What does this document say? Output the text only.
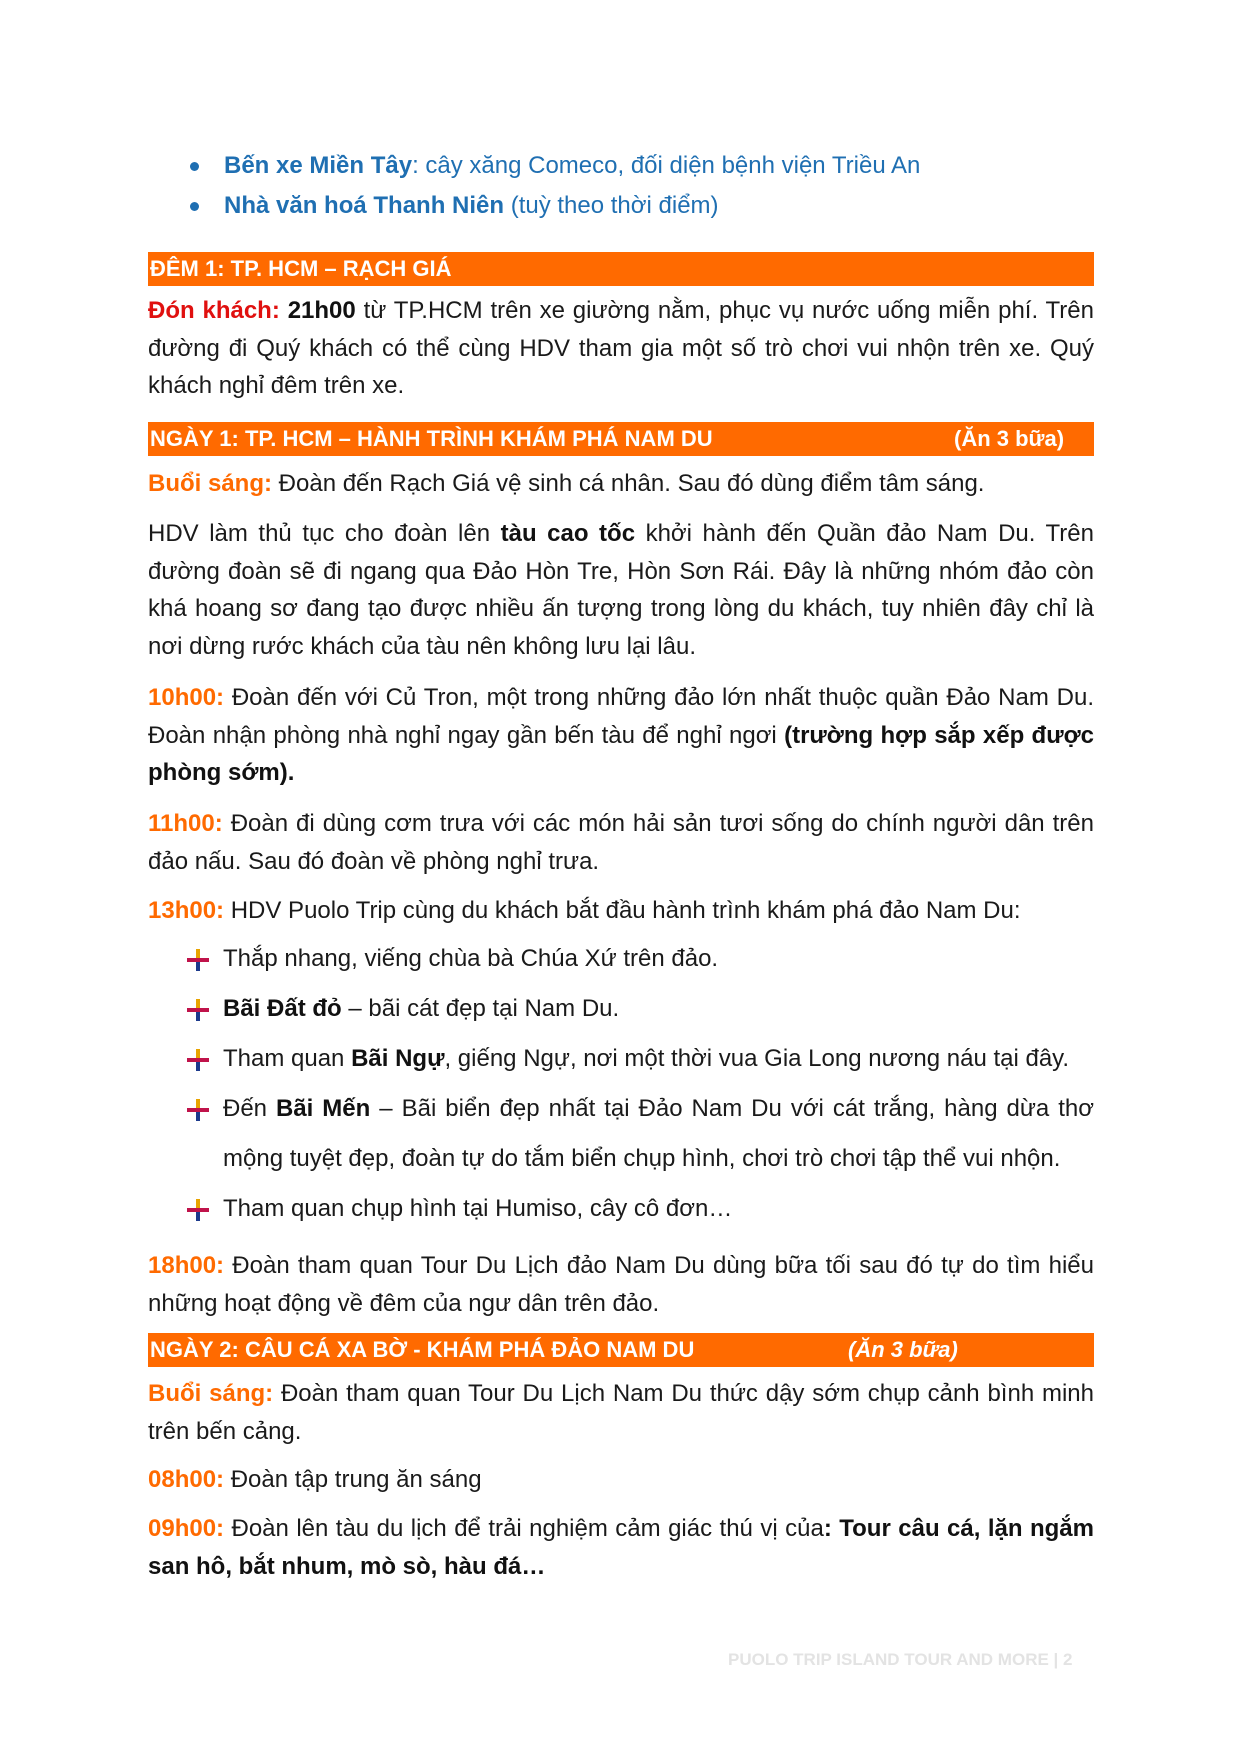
Bến xe Miền Tây: cây xăng Comeco, đối diện bệnh viện Triều An
Nhà văn hoá Thanh Niên (tuỳ theo thời điểm)
ĐÊM 1: TP. HCM – RẠCH GIÁ

Đón khách: 21h00 từ TP.HCM trên xe giường nằm, phục vụ nước uống miễn phí. Trên đường đi Quý khách có thể cùng HDV tham gia một số trò chơi vui nhộn trên xe. Quý khách nghỉ đêm trên xe.

NGÀY 1: TP. HCM – HÀNH TRÌNH KHÁM PHÁ NAM DU	(Ăn 3 bữa)

Buổi sáng: Đoàn đến Rạch Giá vệ sinh cá nhân. Sau đó dùng điểm tâm sáng.

HDV làm thủ tục cho đoàn lên tàu cao tốc khởi hành đến Quần đảo Nam Du. Trên đường đoàn sẽ đi ngang qua Đảo Hòn Tre, Hòn Sơn Rái. Đây là những nhóm đảo còn khá hoang sơ đang tạo được nhiều ấn tượng trong lòng du khách, tuy nhiên đây chỉ là nơi dừng rước khách của tàu nên không lưu lại lâu.

10h00: Đoàn đến với Củ Tron, một trong những đảo lớn nhất thuộc quần Đảo Nam Du. Đoàn nhận phòng nhà nghỉ ngay gần bến tàu để nghỉ ngơi (trường hợp sắp xếp được phòng sớm).

11h00: Đoàn đi dùng cơm trưa với các món hải sản tươi sống do chính người dân trên đảo nấu. Sau đó đoàn về phòng nghỉ trưa.

13h00: HDV Puolo Trip cùng du khách bắt đầu hành trình khám phá đảo Nam Du:

Thắp nhang, viếng chùa bà Chúa Xứ trên đảo.
Bãi Đất đỏ – bãi cát đẹp tại Nam Du.
Tham quan Bãi Ngự, giếng Ngự, nơi một thời vua Gia Long nương náu tại đây.
Đến Bãi Mến – Bãi biển đẹp nhất tại Đảo Nam Du với cát trắng, hàng dừa thơ mộng tuyệt đẹp, đoàn tự do tắm biển chụp hình, chơi trò chơi tập thể vui nhộn.
Tham quan chụp hình tại Humiso, cây cô đơn…

18h00: Đoàn tham quan Tour Du Lịch đảo Nam Du dùng bữa tối sau đó tự do tìm hiểu những hoạt động về đêm của ngư dân trên đảo.

NGÀY 2: CÂU CÁ XA BỜ - KHÁM PHÁ ĐẢO NAM DU	(Ăn 3 bữa)

Buổi sáng: Đoàn tham quan Tour Du Lịch Nam Du thức dậy sớm chụp cảnh bình minh trên bến cảng.

08h00: Đoàn tập trung ăn sáng

09h00: Đoàn lên tàu du lịch để trải nghiệm cảm giác thú vị của: Tour câu cá, lặn ngắm san hô, bắt nhum, mò sò, hàu đá…

PUOLO TRIP ISLAND TOUR AND MORE | 2
